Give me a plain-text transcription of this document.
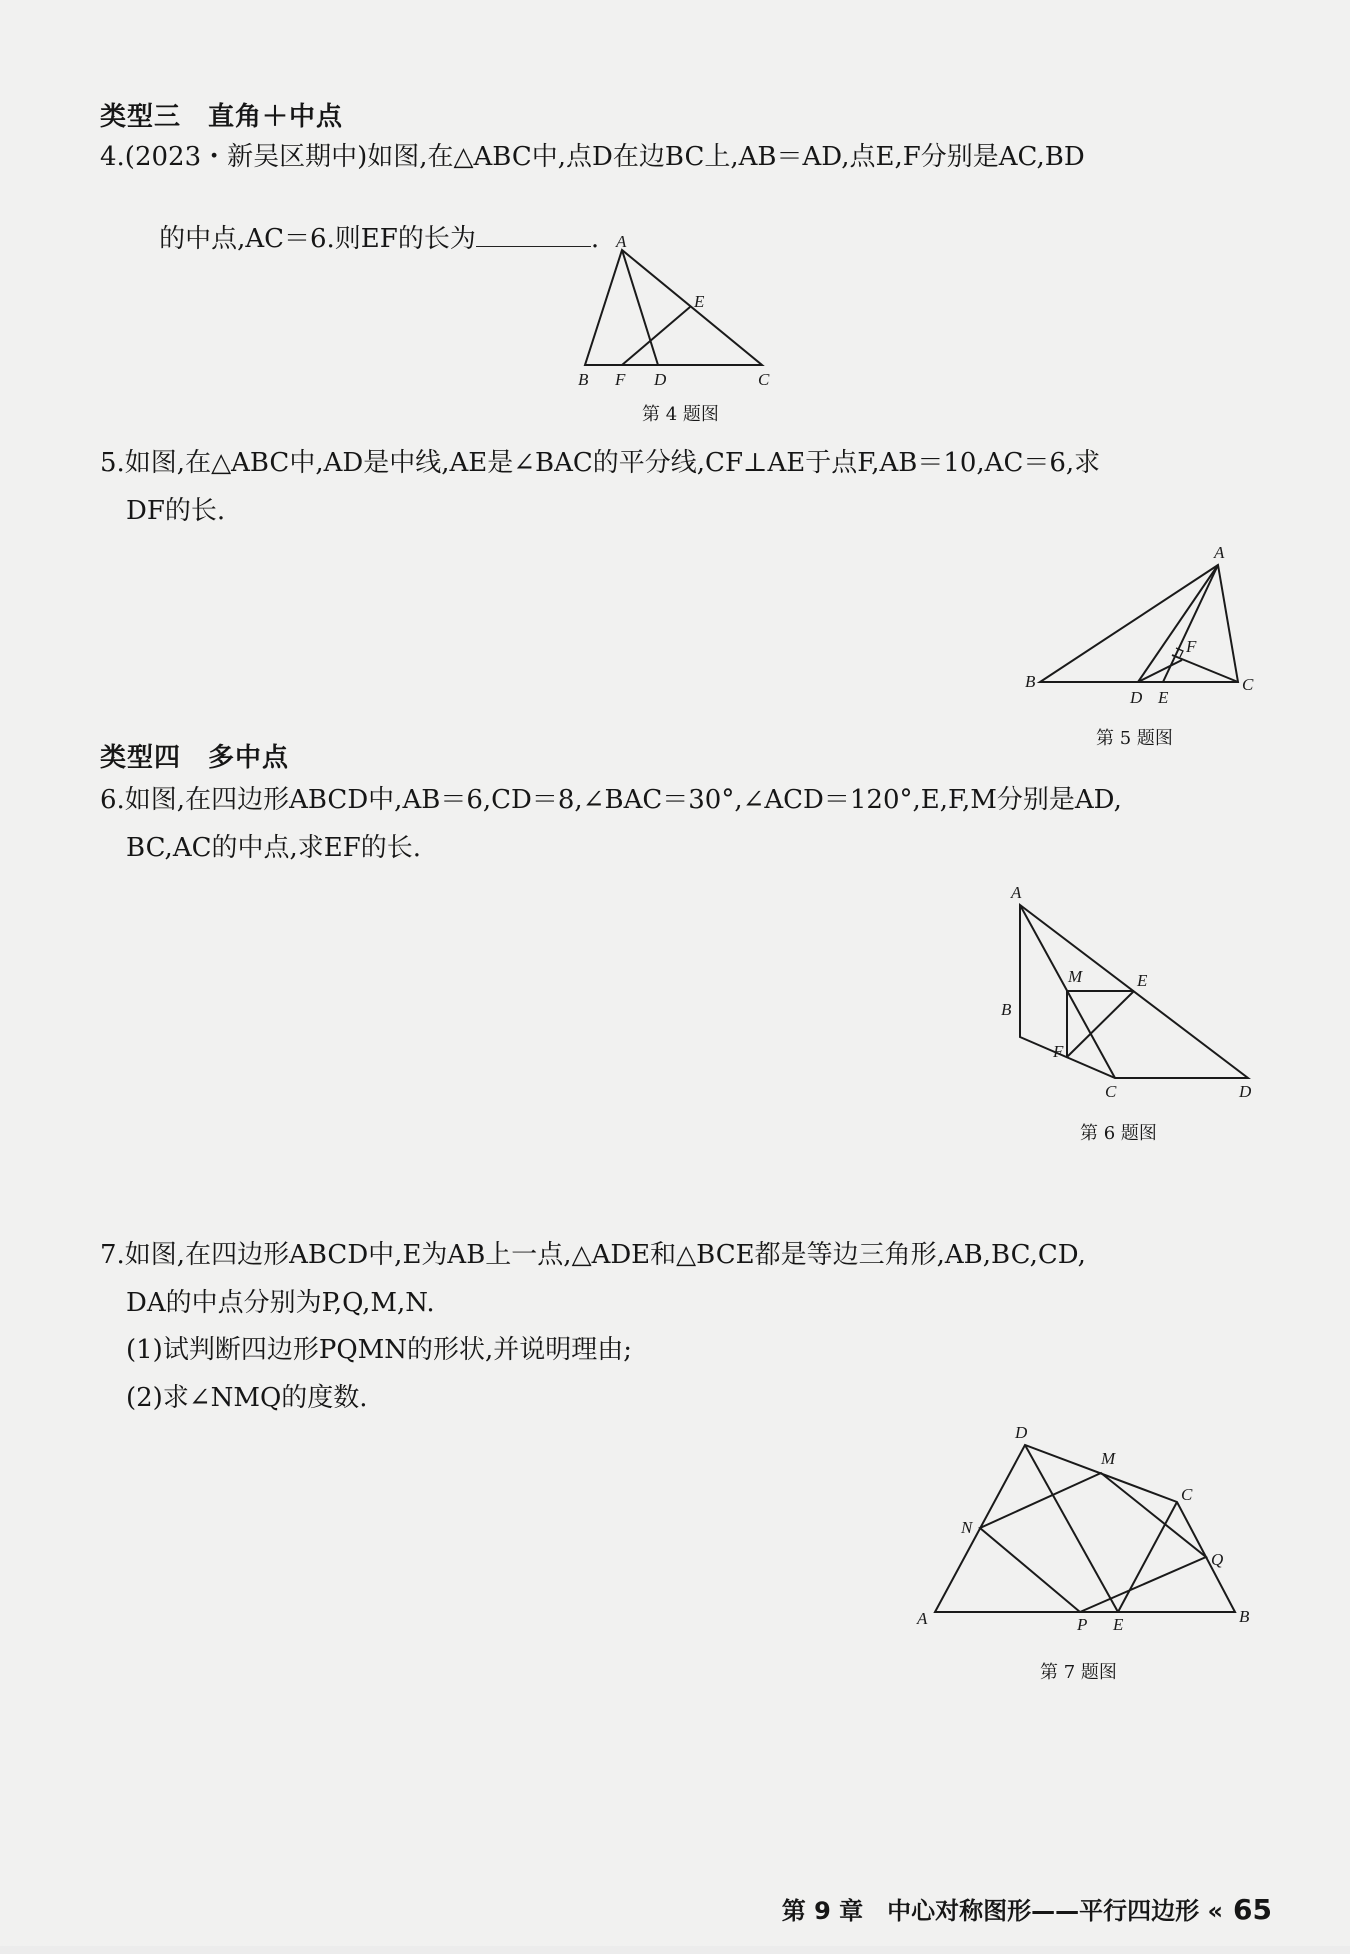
类型三　直角＋中点
4.(2023・新吴区期中)如图,在△ABC中,点D在边BC上,AB＝AD,点E,F分别是AC,BD

的中点,AC＝6.则EF的长为	.
A
E
B F D	C
第 4 题图
5.如图,在△ABC中,AD是中线,AE是∠BAC的平分线,CF⊥AE于点F,AB＝10,AC＝6,求
DF的长.
A
F
B
D E
C
第 5 题图
类型四　多中点
6.如图,在四边形ABCD中,AB＝6,CD＝8,∠BAC＝30°,∠ACD＝120°,E,F,M分别是AD,
BC,AC的中点,求EF的长.
A
M	E
B
F
C	D
第 6 题图
7.如图,在四边形ABCD中,E为AB上一点,△ADE和△BCE都是等边三角形,AB,BC,CD,
DA的中点分别为P,Q,M,N.
(1)试判断四边形PQMN的形状,并说明理由;
(2)求∠NMQ的度数.
D
M
C
N
Q
A	P E	B
第 7 题图

第 9 章　中心对称图形——平行四边形 « 65
